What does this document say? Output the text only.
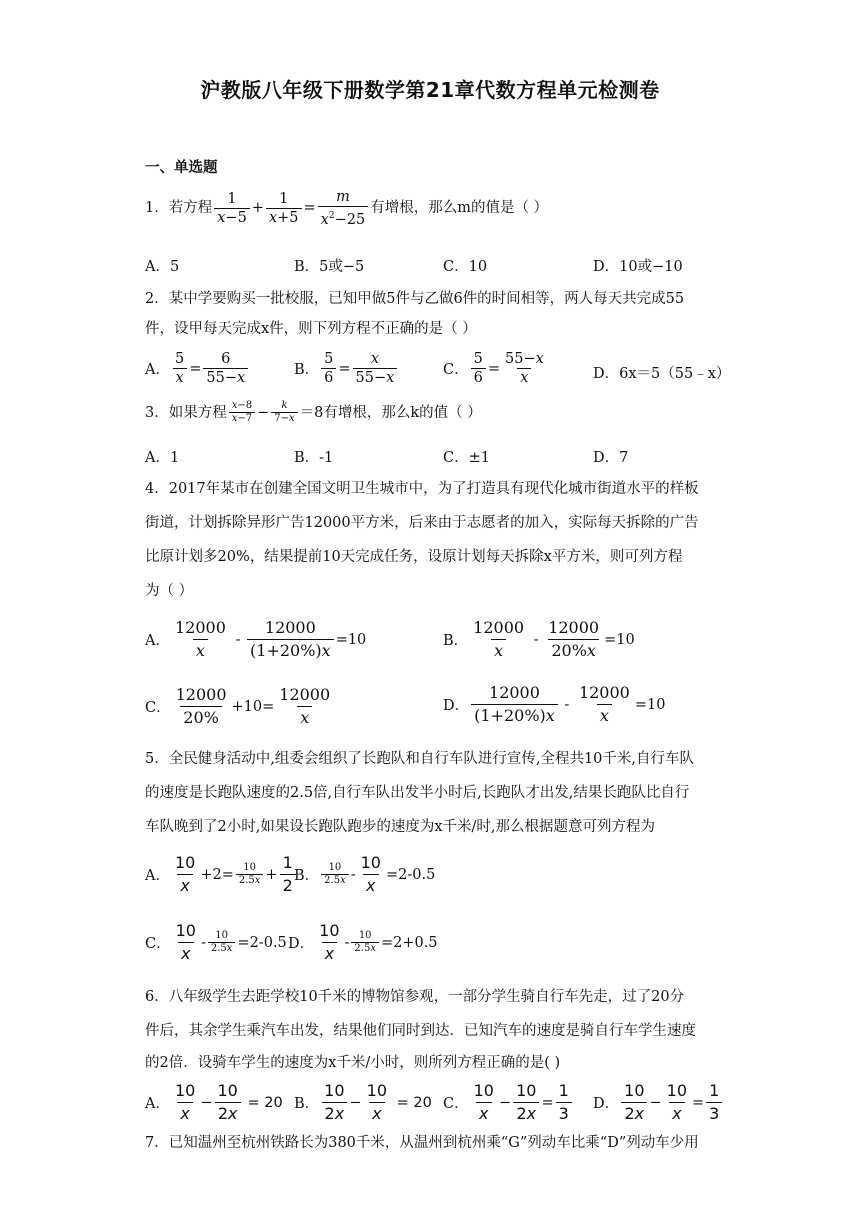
沪教版八年级下册数学第21章代数方程单元检测卷
一、单选题
1．若方程 $\frac{1}{x-5} + \frac{1}{x+5} = \frac{m}{x^2-25}$ 有增根，那么m的值是（ ）
A．5	B．5或−5	C．10	D．10或−10
2．某中学要购买一批校服，已知甲做5件与乙做6件的时间相等，两人每天共完成55
件，设甲每天完成x件，则下列方程不正确的是（ ）
A． $\frac{5}{x} = \frac{6}{55-x}$	B． $\frac{5}{6} = \frac{x}{55-x}$	C． $\frac{5}{6} = \frac{55-x}{x}$	D．6x＝5（55﹣x）
3．如果方程 $\frac{x-8}{x-7} - \frac{k}{7-x} =8$有增根，那么k的值（ ）
A．1	B．-1	C．±1	D．7
4．2017年某市在创建全国文明卫生城市中，为了打造具有现代化城市街道水平的样板
街道，计划拆除异形广告12000平方米，后来由于志愿者的加入，实际每天拆除的广告
比原计划多20%，结果提前10天完成任务，设原计划每天拆除x平方米，则可列方程
为（ ）
A． $\frac{12000}{x} - \frac{12000}{(1+20\%)x} =10$	B． $\frac{12000}{x} - \frac{12000}{20\%x} =10$
C． $\frac{12000}{20\%} +10= \frac{12000}{x}$	D． $\frac{12000}{(1+20\%)x} - \frac{12000}{x} =10$
5．全民健身活动中,组委会组织了长跑队和自行车队进行宣传,全程共10千米,自行车队
的速度是长跑队速度的2.5倍,自行车队出发半小时后,长跑队才出发,结果长跑队比自行
车队晚到了2小时,如果设长跑队跑步的速度为x千米/时,那么根据题意可列方程为
A． $\frac{10}{x} +2= \frac{10}{2.5x} + \frac{1}{2}$
B． $\frac{10}{2.5x} - \frac{10}{x} =2-0.5$
C． $\frac{10}{x} - \frac{10}{2.5x} =2-0.5$ D． $\frac{10}{x} - \frac{10}{2.5x} =2+0.5$
6．八年级学生去距学校10千米的博物馆参观，一部分学生骑自行车先走，过了20分
件后，其余学生乘汽车出发，结果他们同时到达．已知汽车的速度是骑自行车学生速度
的2倍．设骑车学生的速度为x千米/小时，则所列方程正确的是( )
A． $\frac{10}{x} - \frac{10}{2x} = 20$ B． $\frac{10}{2x} - \frac{10}{x} = 20$ C． $\frac{10}{x} - \frac{10}{2x} = \frac{1}{3}$ D． $\frac{10}{2x} - \frac{10}{x} = \frac{1}{3}$
7．已知温州至杭州铁路长为380千米，从温州到杭州乘“G”列动车比乘“D”列动车少用
